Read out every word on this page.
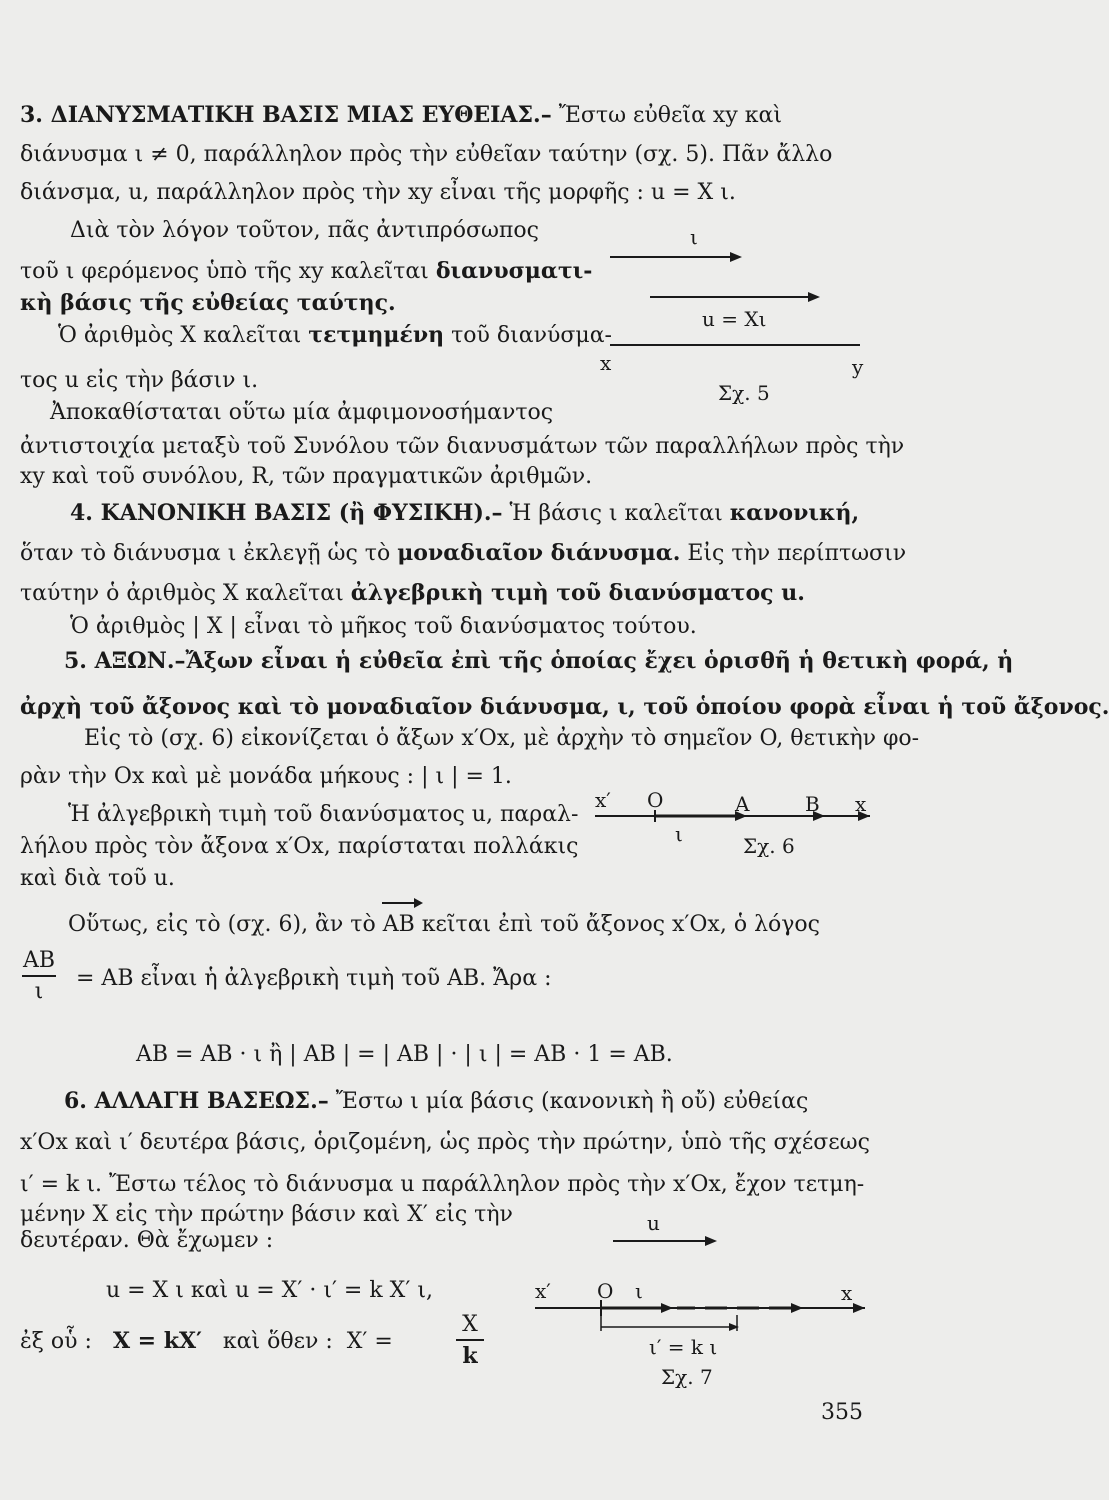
3. ΔΙΑΝΥΣΜΑΤΙΚΗ ΒΑΣΙΣ ΜΙΑΣ ΕΥΘΕΙΑΣ.– Ἔστω εὐθεῖα xy καὶ
διάνυσμα ι ≠ 0, παράλληλον πρὸς τὴν εὐθεῖαν ταύτην (σχ. 5). Πᾶν ἄλλο
διάνσμα, u, παράλληλον πρὸς τὴν xy εἶναι τῆς μορφῆς : u = X ι.
Διὰ τὸν λόγον τοῦτον, πᾶς ἀντιπρόσωπος
τοῦ ι φερόμενος ὑπὸ τῆς xy καλεῖται διανυσματι-
κὴ βάσις τῆς εὐθείας ταύτης.
Ὁ ἀριθμὸς X καλεῖται τετμημένη τοῦ διανύσμα-
τος u εἰς τὴν βάσιν ι.
Ἀποκαθίσταται οὕτω μία ἀμφιμονοσήμαντος
ἀντιστοιχία μεταξὺ τοῦ Συνόλου τῶν διανυσμάτων τῶν παραλλήλων πρὸς τὴν
xy καὶ τοῦ συνόλου, R, τῶν πραγματικῶν ἀριθμῶν.
ι
u = Xι
x	y
Σχ. 5
4. ΚΑΝΟΝΙΚΗ ΒΑΣΙΣ (ἢ ΦΥΣΙΚΗ).– Ἡ βάσις ι καλεῖται κανονική,
ὅταν τὸ διάνυσμα ι ἐκλεγῇ ὡς τὸ μοναδιαῖον διάνυσμα. Εἰς τὴν περίπτωσιν
ταύτην ὁ ἀριθμὸς X καλεῖται ἀλγεβρικὴ τιμὴ τοῦ διανύσματος u.
Ὁ ἀριθμὸς | X | εἶναι τὸ μῆκος τοῦ διανύσματος τούτου.
5. ΑΞΩΝ.–Ἄξων εἶναι ἡ εὐθεῖα ἐπὶ τῆς ὁποίας ἔχει ὁρισθῆ ἡ θετικὴ φορά, ἡ
ἀρχὴ τοῦ ἄξονος καὶ τὸ μοναδιαῖον διάνυσμα, ι, τοῦ ὁποίου φορὰ εἶναι ἡ τοῦ ἄξονος.
Εἰς τὸ (σχ. 6) εἰκονίζεται ὁ ἄξων x′Ox, μὲ ἀρχὴν τὸ σημεῖον O, θετικὴν φο-
ρὰν τὴν Ox καὶ μὲ μονάδα μήκους : | ι | = 1.
Ἡ ἀλγεβρικὴ τιμὴ τοῦ διανύσματος u, παραλ-
λήλου πρὸς τὸν ἄξονα x′Ox, παρίσταται πολλάκις
καὶ διὰ τοῦ u.
Οὕτως, εἰς τὸ (σχ. 6), ἂν τὸ AB κεῖται ἐπὶ τοῦ ἄξονος x′Ox, ὁ λόγος
AB
ι
= AB εἶναι ἡ ἀλγεβρικὴ τιμὴ τοῦ AB. Ἄρα :
AB = AB · ι ἢ | AB | = | AB | · | ι | = AB · 1 = AB.
x′ O	A	B x
ι	Σχ. 6
6. ΑΛΛΑΓΗ ΒΑΣΕΩΣ.– Ἔστω ι μία βάσις (κανονικὴ ἢ οὔ) εὐθείας
x′Ox καὶ ι′ δευτέρα βάσις, ὁριζομένη, ὡς πρὸς τὴν πρώτην, ὑπὸ τῆς σχέσεως
ι′ = k ι. Ἔστω τέλος τὸ διάνυσμα u παράλληλον πρὸς τὴν x′Ox, ἔχον τετμη-
μένην X εἰς τὴν πρώτην βάσιν καὶ X′ εἰς τὴν
δευτέραν. Θὰ ἔχωμεν :
u = X ι καὶ u = X′ · ι′ = k X′ ι,
ἐξ οὗ : X = kX′ καὶ ὅθεν : X′ =
X
k
u
x′ O ι	x
ι′ = k ι
Σχ. 7
355
